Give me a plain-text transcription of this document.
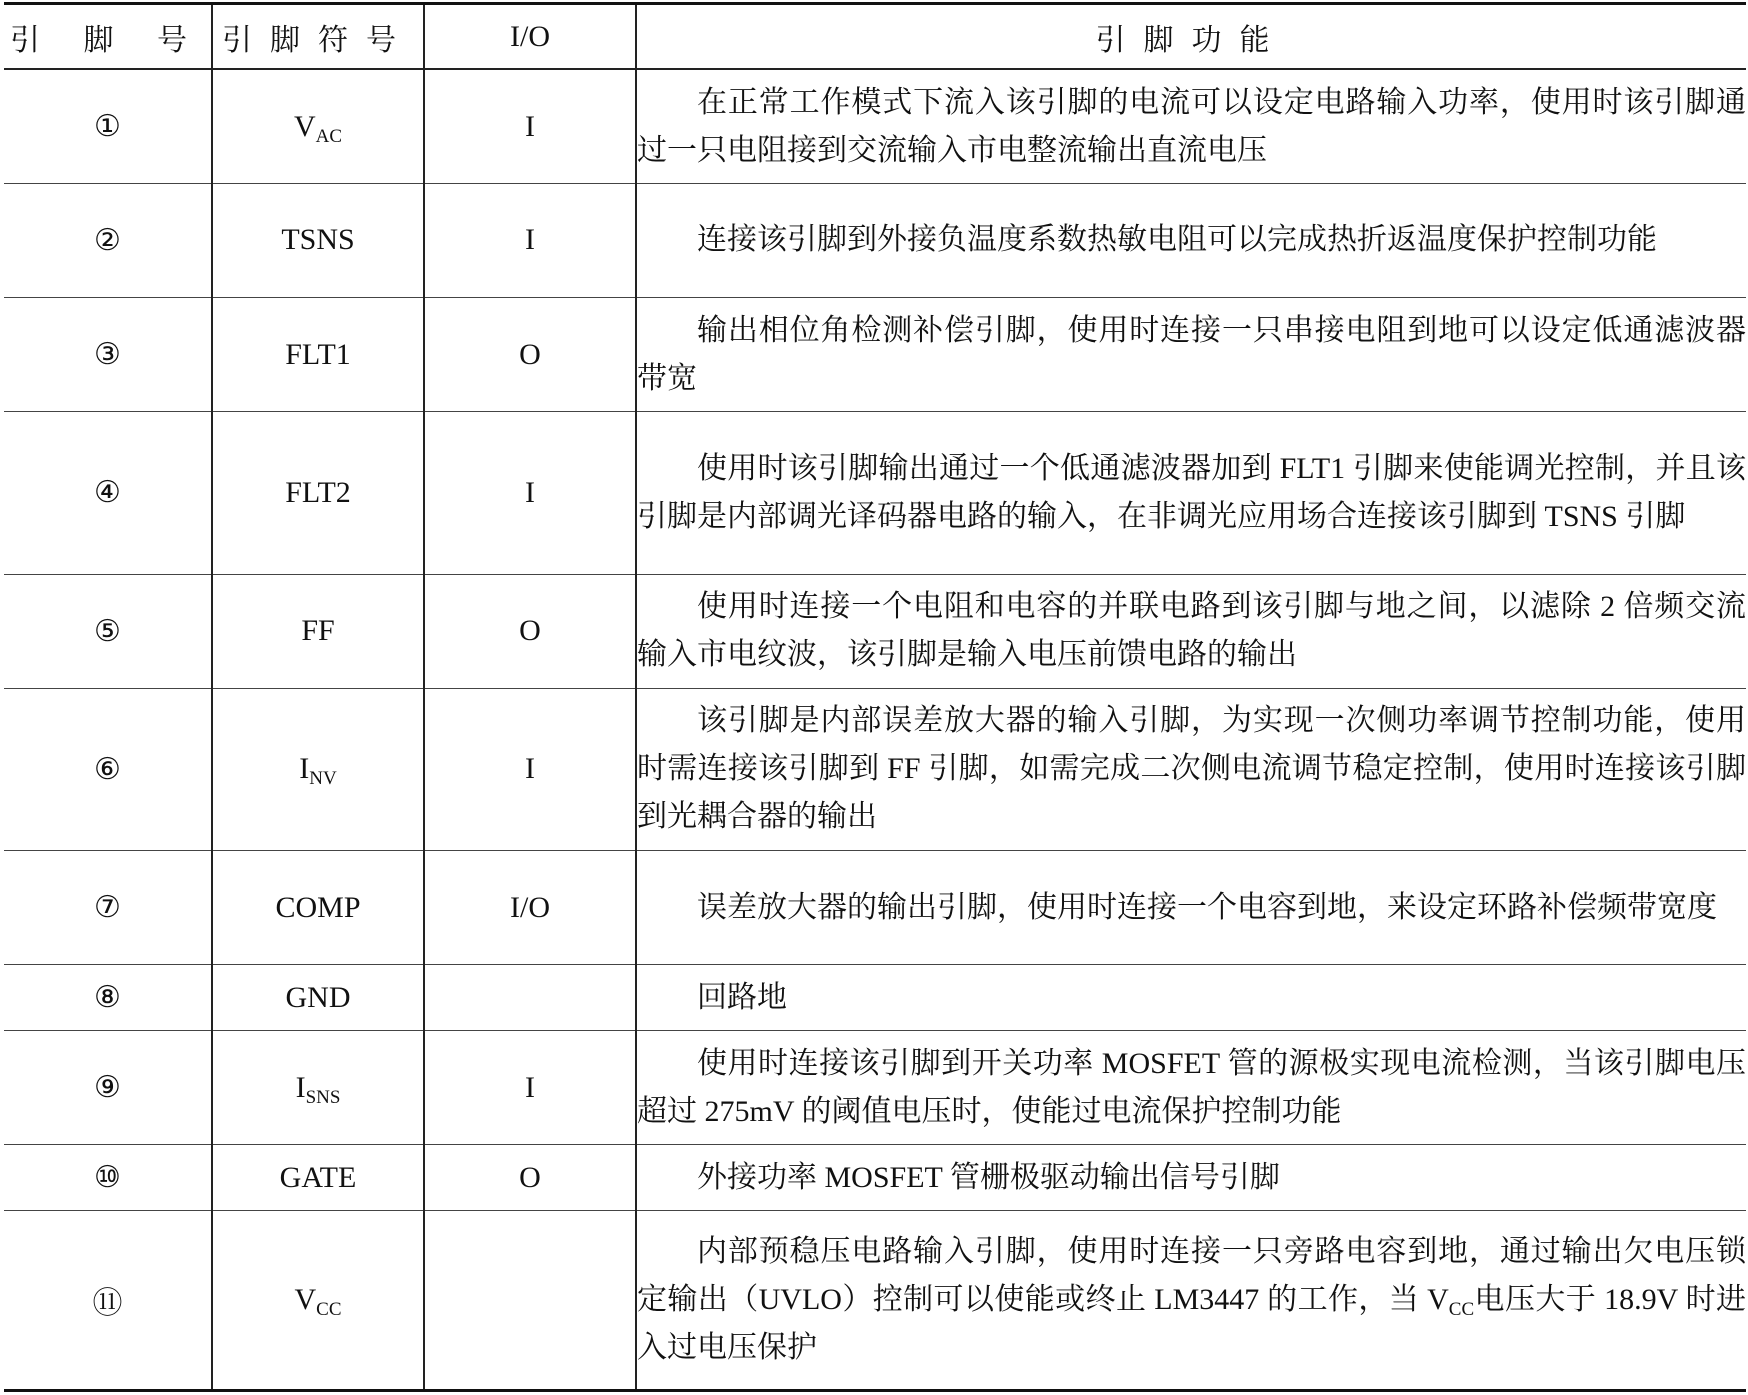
引 脚 号	引脚符号	I/O	引脚功能
①	$V_{AC}$	I	在正常工作模式下流入该引脚的电流可以设定电路输入功率，使用时该引脚通过一只电阻接到交流输入市电整流输出直流电压

②	TSNS	I	连接该引脚到外接负温度系数热敏电阻可以完成热折返温度保护控制功能

③	FLT1	O	输出相位角检测补偿引脚，使用时连接一只串接电阻到地可以设定低通滤波器带宽

④	FLT2	I	使用时该引脚输出通过一个低通滤波器加到 FLT1 引脚来使能调光控制，并且该引脚是内部调光译码器电路的输入，在非调光应用场合连接该引脚到 TSNS 引脚

⑤	FF	O	使用时连接一个电阻和电容的并联电路到该引脚与地之间，以滤除 2 倍频交流输入市电纹波，该引脚是输入电压前馈电路的输出

⑥	$I_{NV}$	I	该引脚是内部误差放大器的输入引脚，为实现一次侧功率调节控制功能，使用时需连接该引脚到 FF 引脚，如需完成二次侧电流调节稳定控制，使用时连接该引脚到光耦合器的输出

⑦	COMP	I/O	误差放大器的输出引脚，使用时连接一个电容到地，来设定环路补偿频带宽度

⑧	GND		回路地

⑨	$I_{SNS}$	I	使用时连接该引脚到开关功率 MOSFET 管的源极实现电流检测，当该引脚电压超过 275mV 的阈值电压时，使能过电流保护控制功能

⑩	GATE	O	外接功率 MOSFET 管栅极驱动输出信号引脚

⑪	$V_{CC}$		内部预稳压电路输入引脚，使用时连接一只旁路电容到地，通过输出欠电压锁定输出（UVLO）控制可以使能或终止 LM3447 的工作，当 $V_{CC}$电压大于 18.9V 时进入过电压保护
